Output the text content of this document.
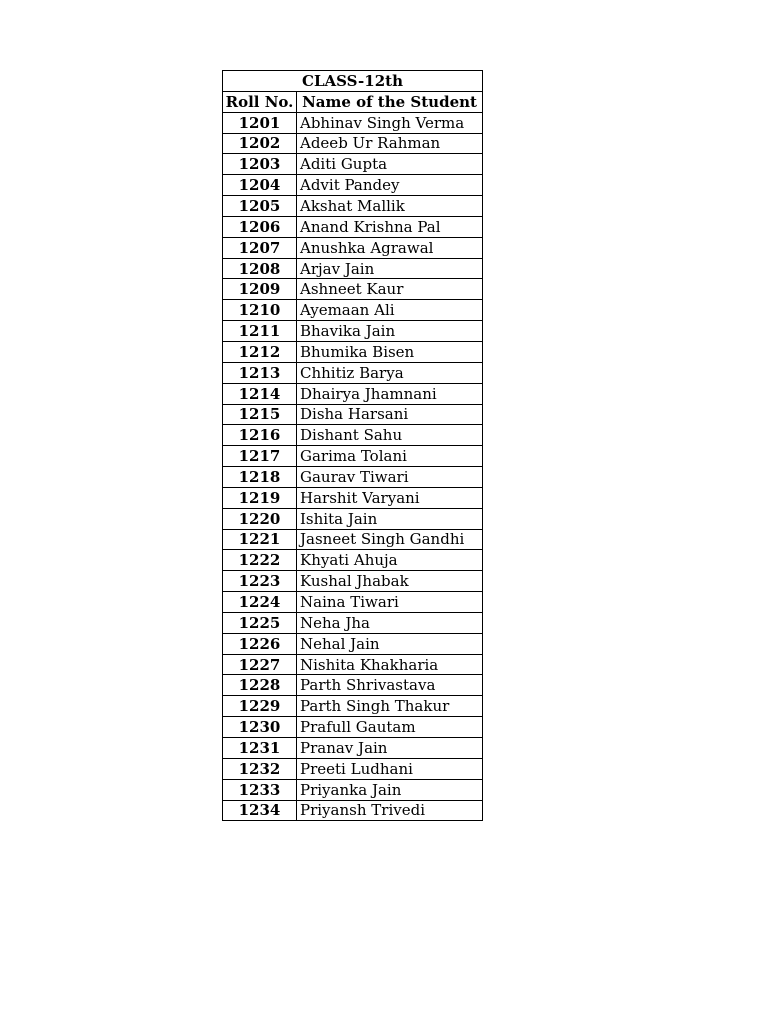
CLASS-12th	
Roll No.	Name of the Student
1201	Abhinav Singh Verma
1202	Adeeb Ur Rahman
1203	Aditi Gupta
1204	Advit Pandey
1205	Akshat Mallik
1206	Anand Krishna Pal
1207	Anushka Agrawal
1208	Arjav Jain
1209	Ashneet Kaur
1210	Ayemaan Ali
1211	Bhavika Jain
1212	Bhumika Bisen
1213	Chhitiz Barya
1214	Dhairya Jhamnani
1215	Disha Harsani
1216	Dishant Sahu
1217	Garima Tolani
1218	Gaurav Tiwari
1219	Harshit Varyani
1220	Ishita Jain
1221	Jasneet Singh Gandhi
1222	Khyati Ahuja
1223	Kushal Jhabak
1224	Naina Tiwari
1225	Neha Jha
1226	Nehal Jain
1227	Nishita Khakharia
1228	Parth Shrivastava
1229	Parth Singh Thakur
1230	Prafull Gautam
1231	Pranav Jain
1232	Preeti Ludhani
1233	Priyanka Jain
1234	Priyansh Trivedi
